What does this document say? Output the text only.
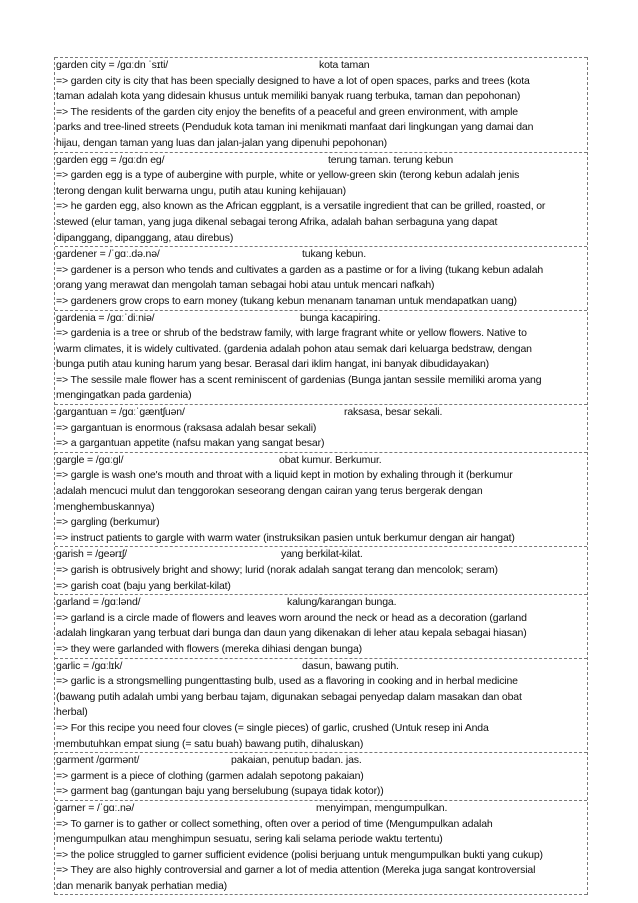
garden city = /ɡɑːdn ˈsɪti/	kota taman
=> garden city is city that has been specially designed to have a lot of open spaces, parks and trees (kota
taman adalah kota yang didesain khusus untuk memiliki banyak ruang terbuka, taman dan pepohonan)
=> The residents of the garden city enjoy the benefits of a peaceful and green environment, with ample
parks and tree-lined streets (Penduduk kota taman ini menikmati manfaat dari lingkungan yang damai dan
hijau, dengan taman yang luas dan jalan-jalan yang dipenuhi pepohonan)
garden egg = /ɡɑːdn eɡ/	terung taman. terung kebun
=> garden egg is a type of aubergine with purple, white or yellow-green skin (terong kebun adalah jenis
terong dengan kulit berwarna ungu, putih atau kuning kehijauan)
=> he garden egg, also known as the African eggplant, is a versatile ingredient that can be grilled, roasted, or
stewed (elur taman, yang juga dikenal sebagai terong Afrika, adalah bahan serbaguna yang dapat
dipanggang, dipanggang, atau direbus)
gardener = /ˈɡɑː.də.nə/	tukang kebun.
=> gardener is a person who tends and cultivates a garden as a pastime or for a living (tukang kebun adalah
orang yang merawat dan mengolah taman sebagai hobi atau untuk mencari nafkah)
=> gardeners grow crops to earn money (tukang kebun menanam tanaman untuk mendapatkan uang)
gardenia = /ɡɑːˈdiːniə/	bunga kacapiring.
=> gardenia is a tree or shrub of the bedstraw family, with large fragrant white or yellow flowers. Native to
warm climates, it is widely cultivated. (gardenia adalah pohon atau semak dari keluarga bedstraw, dengan
bunga putih atau kuning harum yang besar. Berasal dari iklim hangat, ini banyak dibudidayakan)
=> The sessile male flower has a scent reminiscent of gardenias (Bunga jantan sessile memiliki aroma yang
mengingatkan pada gardenia)
gargantuan = /ɡɑːˈɡæntʃuən/	raksasa, besar sekali.
=> gargantuan is enormous (raksasa adalah besar sekali)
=> a gargantuan appetite (nafsu makan yang sangat besar)
gargle = /ɡɑːɡl/	obat kumur. Berkumur.
=> gargle is wash one's mouth and throat with a liquid kept in motion by exhaling through it (berkumur
adalah mencuci mulut dan tenggorokan seseorang dengan cairan yang terus bergerak dengan
menghembuskannya)
=> gargling (berkumur)
=> instruct patients to gargle with warm water (instruksikan pasien untuk berkumur dengan air hangat)
garish = /ɡeərɪʃ/	yang berkilat-kilat.
=> garish is obtrusively bright and showy; lurid (norak adalah sangat terang dan mencolok; seram)
=> garish coat (baju yang berkilat-kilat)
garland = /ɡɑːlənd/	kalung/karangan bunga.
=> garland is a circle made of flowers and leaves worn around the neck or head as a decoration (garland
adalah lingkaran yang terbuat dari bunga dan daun yang dikenakan di leher atau kepala sebagai hiasan)
=> they were garlanded with flowers (mereka dihiasi dengan bunga)
garlic = /ɡɑːlɪk/	dasun, bawang putih.
=> garlic is a strongsmelling pungenttasting bulb, used as a flavoring in cooking and in herbal medicine
(bawang putih adalah umbi yang berbau tajam, digunakan sebagai penyedap dalam masakan dan obat
herbal)
=> For this recipe you need four cloves (= single pieces) of garlic, crushed (Untuk resep ini Anda
membutuhkan empat siung (= satu buah) bawang putih, dihaluskan)
garment /ɡɑrmənt/	pakaian, penutup badan. jas.
=> garment is a piece of clothing (garmen adalah sepotong pakaian)
=> garment bag (gantungan baju yang berselubung (supaya tidak kotor))
garner = /ˈɡɑː.nə/	menyimpan, mengumpulkan.
=> To garner is to gather or collect something, often over a period of time (Mengumpulkan adalah
mengumpulkan atau menghimpun sesuatu, sering kali selama periode waktu tertentu)
=> the police struggled to garner sufficient evidence (polisi berjuang untuk mengumpulkan bukti yang cukup)
=> They are also highly controversial and garner a lot of media attention (Mereka juga sangat kontroversial
dan menarik banyak perhatian media)
